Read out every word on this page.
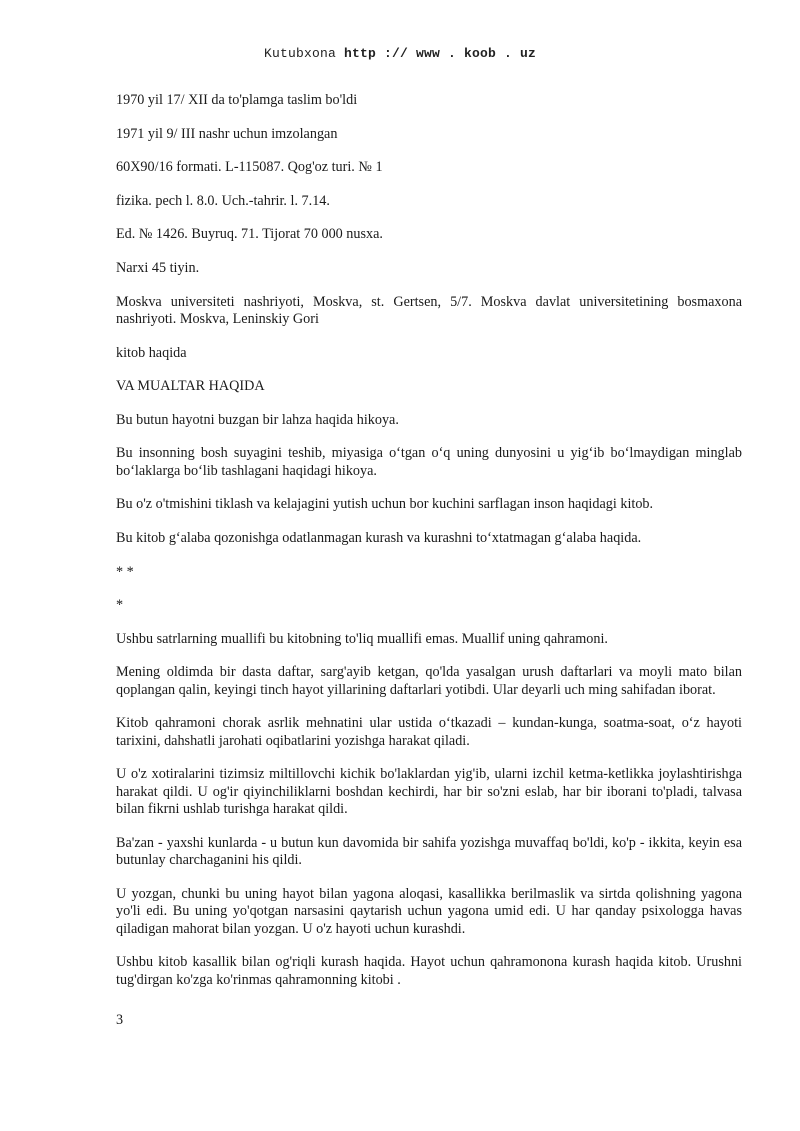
Kutubxona http :// www . koob . uz

1970 yil 17/ XII da to'plamga taslim bo'ldi

1971 yil 9/ III nashr uchun imzolangan

60X90/16 formati. L-115087. Qog'oz turi. № 1

fizika. pech l. 8.0. Uch.-tahrir. l. 7.14.

Ed. № 1426. Buyruq. 71. Tijorat 70 000 nusxa.

Narxi 45 tiyin.

Moskva universiteti nashriyoti, Moskva, st. Gertsen, 5/7. Moskva davlat universitetining bosmaxona nashriyoti. Moskva, Leninskiy Gori

kitob haqida

VA MUALTAR HAQIDA

Bu butun hayotni buzgan bir lahza haqida hikoya.

Bu insonning bosh suyagini teshib, miyasiga o‘tgan o‘q uning dunyosini u yig‘ib bo‘lmaydigan minglab bo‘laklarga bo‘lib tashlagani haqidagi hikoya.

Bu o'z o'tmishini tiklash va kelajagini yutish uchun bor kuchini sarflagan inson haqidagi kitob.

Bu kitob g‘alaba qozonishga odatlanmagan kurash va kurashni to‘xtatmagan g‘alaba haqida.

* *

*

Ushbu satrlarning muallifi bu kitobning to'liq muallifi emas. Muallif uning qahramoni.

Mening oldimda bir dasta daftar, sarg'ayib ketgan, qo'lda yasalgan urush daftarlari va moyli mato bilan qoplangan qalin, keyingi tinch hayot yillarining daftarlari yotibdi. Ular deyarli uch ming sahifadan iborat.

Kitob qahramoni chorak asrlik mehnatini ular ustida o‘tkazadi – kundan-kunga, soatma-soat, o‘z hayoti tarixini, dahshatli jarohati oqibatlarini yozishga harakat qiladi.

U o'z xotiralarini tizimsiz miltillovchi kichik bo'laklardan yig'ib, ularni izchil ketma-ketlikka joylashtirishga harakat qildi. U og'ir qiyinchiliklarni boshdan kechirdi, har bir so'zni eslab, har bir iborani to'pladi, talvasa bilan fikrni ushlab turishga harakat qildi.

Ba'zan - yaxshi kunlarda - u butun kun davomida bir sahifa yozishga muvaffaq bo'ldi, ko'p - ikkita, keyin esa butunlay charchaganini his qildi.

U yozgan, chunki bu uning hayot bilan yagona aloqasi, kasallikka berilmaslik va sirtda qolishning yagona yo'li edi. Bu uning yo'qotgan narsasini qaytarish uchun yagona umid edi. U har qanday psixologga havas qiladigan mahorat bilan yozgan. U o'z hayoti uchun kurashdi.

Ushbu kitob kasallik bilan og'riqli kurash haqida. Hayot uchun qahramonona kurash haqida kitob. Urushni tug'dirgan ko'zga ko'rinmas qahramonning kitobi .

3
